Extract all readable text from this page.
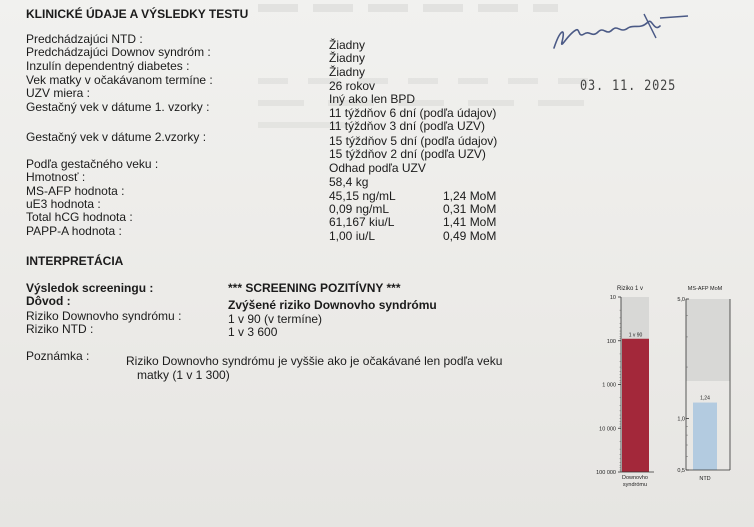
KLINICKÉ ÚDAJE A VÝSLEDKY TESTU
Predchádzajúci NTD :	Žiadny
Predchádzajúci Downov syndróm :	Žiadny
Inzulín dependentný diabetes :	Žiadny
Vek matky v očakávanom termíne :	26 rokov
UZV miera :	Iný ako len BPD
Gestačný vek v dátume 1. vzorky :	11 týždňov 6 dní (podľa údajov)
11 týždňov 3 dní (podľa UZV)
Gestačný vek v dátume 2.vzorky :	15 týždňov 5 dní (podľa údajov)
15 týždňov 2 dní (podľa UZV)
Podľa gestačného veku :	Odhad podľa UZV
Hmotnosť :	58,4 kg
MS-AFP hodnota :	45,15 ng/mL	1,24 MoM
uE3 hodnota :	0,09 ng/mL	0,31 MoM
Total hCG hodnota :	61,167 kiu/L	1,41 MoM
PAPP-A hodnota :	1,00 iu/L	0,49 MoM
INTERPRETÁCIA
Výsledok screeningu :	*** SCREENING POZITÍVNY ***
Dôvod :	Zvýšené riziko Downovho syndrómu
Riziko Downovho syndrómu :	1 v 90 (v termíne)
Riziko NTD :	1 v 3 600
Poznámka :	Riziko Downovho syndrómu je vyššie ako je očakávané len podľa veku
matky (1 v 1 300)
03. 11. 2025
Riziko 1 v
10
100
1 000
10 000
100 000
1 v 90
Downovho
syndrómu
MS-AFP MoM
0,5
1,0
5,0
1,24
NTD
